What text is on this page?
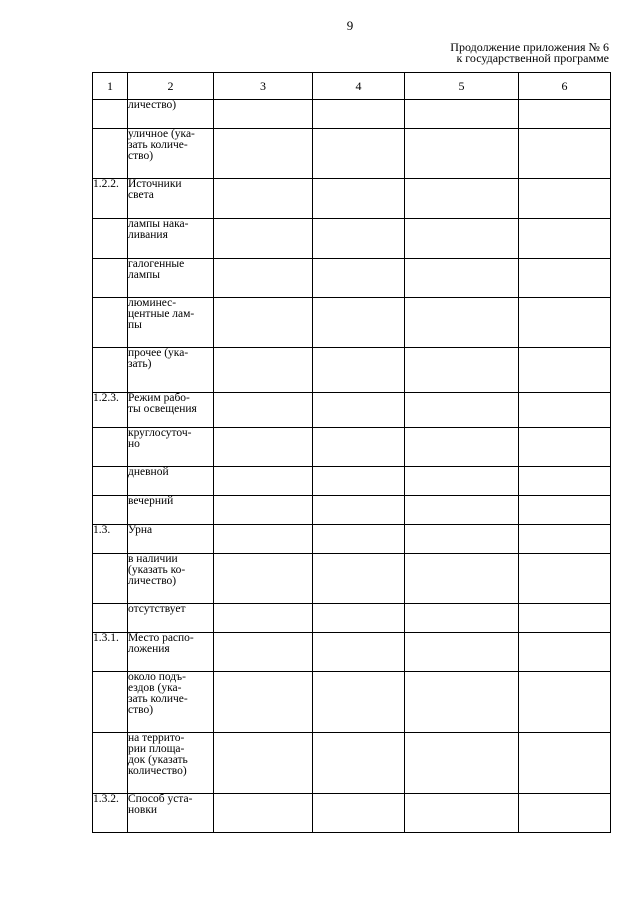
9
Продолжение приложения № 6
к государственной программе
1	2	3	4	5	6
	личество)				
	уличное (ука-
зать количе-
ство)				
1.2.2.	Источники
света				
	лампы нака-
ливания				
	галогенные
лампы				
	люминес-
центные лам-
пы				
	прочее (ука-
зать)				
1.2.3.	Режим рабо-
ты освещения				
	круглосуточ-
но				
	дневной				
	вечерний				
1.3.	Урна				
	в наличии
(указать ко-
личество)				
	отсутствует				
1.3.1.	Место распо-
ложения				
	около подъ-
ездов (ука-
зать количе-
ство)				
	на террито-
рии площа-
док (указать
количество)				
1.3.2.	Способ уста-
новки				
